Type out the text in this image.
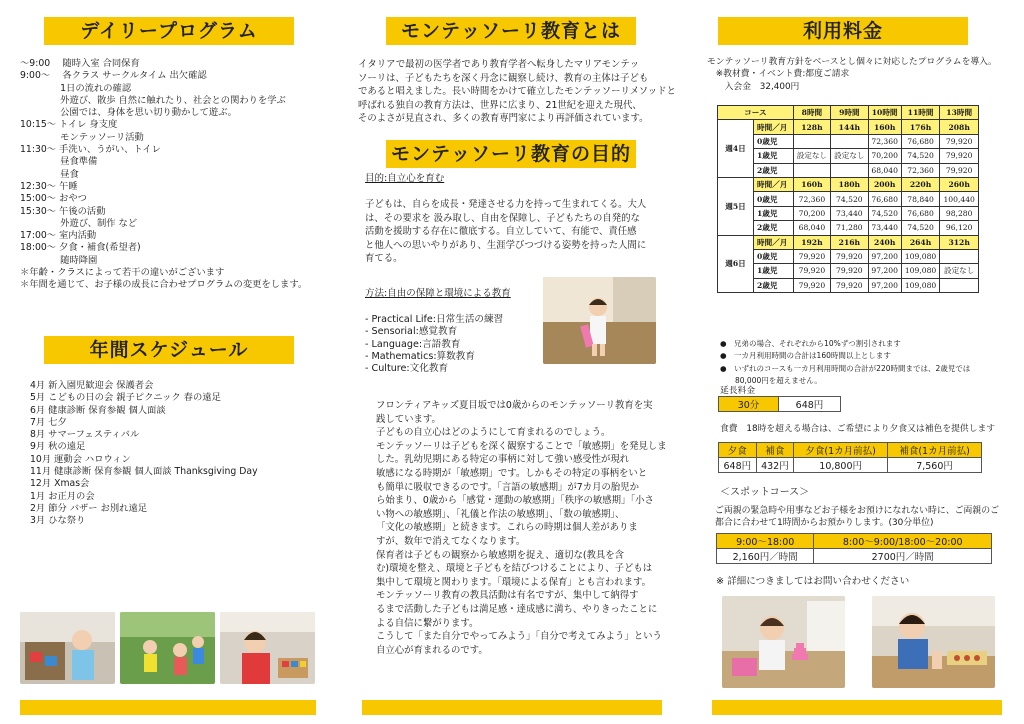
デイリープログラム
～9:00　 随時入室 合同保育
9:00～　 各クラス サークルタイム 出欠確認
　　　　 1日の流れの確認
　　　　 外遊び、散歩 自然に触れたり、社会との関わりを学ぶ
　　　　 公園では、身体を思い切り動かして遊ぶ。
10:15～ トイレ 身支度
　　　　 モンテッソーリ活動
11:30～ 手洗い、うがい、トイレ
　　　　 昼食準備
　　　　 昼食
12:30～ 午睡
15:00～ おやつ
15:30～ 午後の活動
　　　　 外遊び、制作 など
17:00～ 室内活動
18:00～ 夕食・補食(希望者)
　　　　 随時降園
＊年齢・クラスによって若干の違いがございます
＊年間を通じて、お子様の成長に合わせプログラムの変更をします。
年間スケジュール
4月 新入園児歓迎会 保護者会
5月 こどもの日の会 親子ピクニック 春の遠足
6月 健康診断 保育参観 個人面談
7月 七夕
8月 サマーフェスティバル
9月 秋の遠足
10月 運動会 ハロウィン
11月 健康診断 保育参観 個人面談 Thanksgiving Day
12月 Xmas会
1月 お正月の会
2月 節分 バザー お別れ遠足
3月 ひな祭り
モンテッソーリ教育とは
イタリアで最初の医学者であり教育学者へ転身したマリアモンテッ
ソーリは、子どもたちを深く丹念に観察し続け、教育の主体は子ども
であると唱えました。長い時間をかけて確立したモンテッソーリメソッドと
呼ばれる独自の教育方法は、世界に広まり、21世紀を迎えた現代、
そのよさが見直され、多くの教育専門家により再評価されています。
モンテッソーリ教育の目的
目的:自立心を育む
子どもは、自らを成長・発達させる力を持って生まれてくる。大人
は、その要求を 汲み取し、自由を保障し、子どもたちの自発的な
活動を援助する存在に徹底する。自立していて、有能で、責任感
と他人への思いやりがあり、生涯学びつづける姿勢を持った人間に
育てる。
方法:自由の保障と環境による教育
- Practical Life:日常生活の練習
- Sensorial:感覚教育
- Language:言語教育
- Mathematics:算数教育
- Culture:文化教育
フロンティアキッズ夏目坂では0歳からのモンテッソーリ教育を実
践しています。
子どもの自立心はどのようにして育まれるのでしょう。
モンテッソーリは子どもを深く観察することで「敏感期」を発見しま
した。乳幼児期にある特定の事柄に対して強い感受性が現れ
敏感になる時期が「敏感期」です。しかもその特定の事柄をいと
も簡単に吸収できるのです。「言語の敏感期」が7カ月の胎児か
ら始まり、0歳から「感覚・運動の敏感期」「秩序の敏感期」「小さ
い物への敏感期」、「礼儀と作法の敏感期」、「数の敏感期」、
「文化の敏感期」と続きます。これらの時期は個人差がありま
すが、数年で消えてなくなります。
保育者は子どもの観察から敏感期を捉え、適切な(教具を含
む)環境を整え、環境と子どもを結びつけることにより、子どもは
集中して環境と関わります。「環境による保育」とも言われます。
モンテッソーリ教育の教具活動は有名ですが、集中して納得す
るまで活動した子どもは満足感・達成感に満ち、やりきったことに
よる自信に繋がります。
こうして「また自分でやってみよう」「自分で考えてみよう」という
自立心が育まれるのです。
利用料金
モンテッソーリ教育方針をベースとし個々に対応したプログラムを導入。
　※教材費・イベント費:都度ご請求
　　入会金　32,400円
コース		8時間	9時間	10時間	11時間	13時間
週4日	時間／月	128h	144h	160h	176h	208h
	0歳児			72,360	76,680	79,920
	1歳児	設定なし	設定なし	70,200	74,520	79,920
	2歳児			68,040	72,360	79,920
週5日	時間／月	160h	180h	200h	220h	260h
	0歳児	72,360	74,520	76,680	78,840	100,440
	1歳児	70,200	73,440	74,520	76,680	98,280
	2歳児	68,040	71,280	73,440	74,520	96,120
週6日	時間／月	192h	216h	240h	264h	312h
	0歳児	79,920	79,920	97,200	109,080	
	1歳児	79,920	79,920	97,200	109,080	設定なし
	2歳児	79,920	79,920	97,200	109,080	
●　兄弟の場合、それぞれから10%ずつ割引されます
●　一カ月利用時間の合計は160時間以上とします
●　いずれのコースも一カ月利用時間の合計が220時間までは、2歳児では
　　80,000円を超えません。
延長料金
30分	648円
食費　18時を超える場合は、ご希望により夕食又は補色を提供します
夕食	補食	夕食(1カ月前払)	補食(1カ月前払)
648円	432円	10,800円	7,560円
＜スポットコース＞
ご両親の緊急時や用事などお子様をお預けになれない時に、ご両親のご
都合に合わせて1時間からお預かりします。(30分単位)
9:00～18:00	8:00～9:00/18:00～20:00
2,160円／時間	2700円／時間
※ 詳細につきましてはお問い合わせください
